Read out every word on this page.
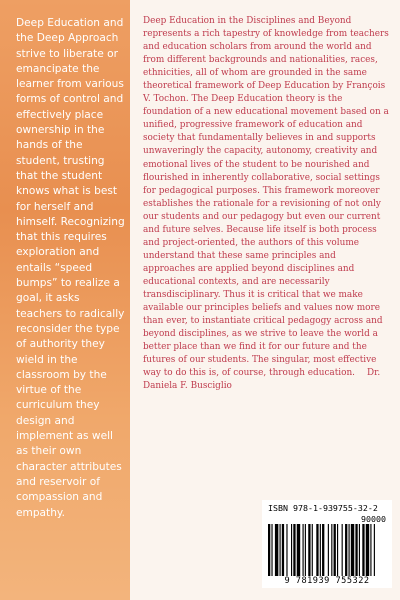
Deep Education and the Deep Approach strive to liberate or emancipate the learner from various forms of control and effectively place ownership in the hands of the student, trusting that the student knows what is best for herself and himself. Recognizing that this requires exploration and entails “speed bumps” to realize a goal, it asks teachers to radically reconsider the type of authority they wield in the classroom by the virtue of the curriculum they design and implement as well as their own character attributes and reservoir of compassion and empathy.

Deep Education in the Disciplines and Beyond represents a rich tapestry of knowledge from teachers and education scholars from around the world and from different backgrounds and nationalities, races, ethnicities, all of whom are grounded in the same theoretical framework of Deep Education by François V. Tochon. The Deep Education theory is the foundation of a new educational movement based on a unified, progressive framework of education and society that fundamentally believes in and supports unwaveringly the capacity, autonomy, creativity and emotional lives of the student to be nourished and flourished in inherently collaborative, social settings for pedagogical purposes. This framework moreover establishes the rationale for a revisioning of not only our students and our pedagogy but even our current and future selves. Because life itself is both process and project-oriented, the authors of this volume understand that these same principles and approaches are applied beyond disciplines and educational contexts, and are necessarily transdisciplinary. Thus it is critical that we make available our principles beliefs and values now more than ever, to instantiate critical pedagogy across and beyond disciplines, as we strive to leave the world a better place than we find it for our future and the futures of our students. The singular, most effective way to do this is, of course, through education. Dr. Daniela F. Busciglio

ISBN 978-1-939755-32-2
90000
9 781939 755322
